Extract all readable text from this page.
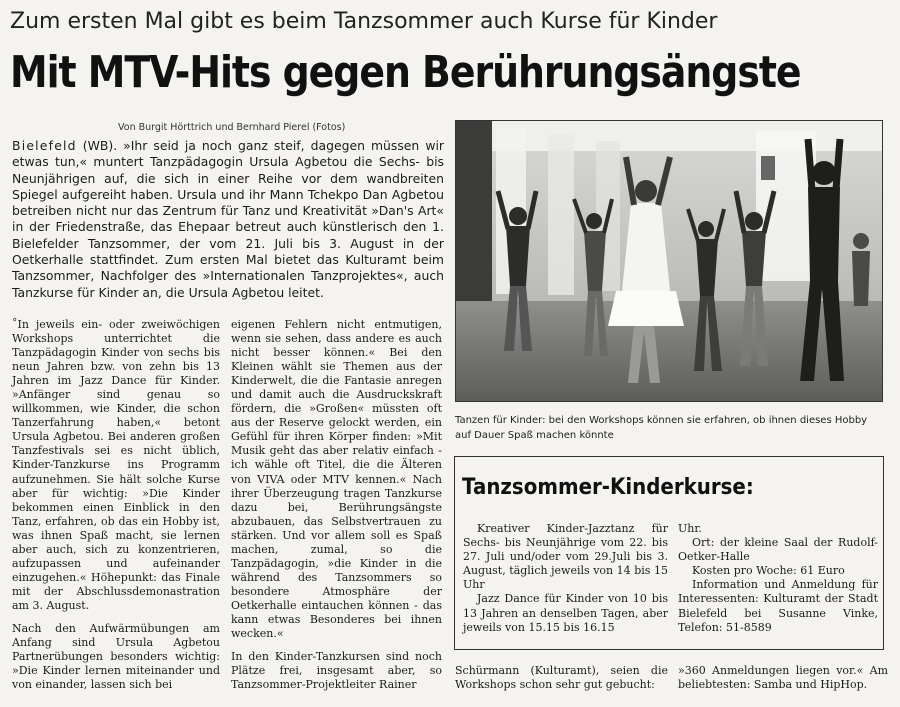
Zum ersten Mal gibt es beim Tanzsommer auch Kurse für Kinder
Mit MTV-Hits gegen Berührungsängste
Von Burgit Hörttrich und Bernhard Pierel (Fotos)
Bielefeld (WB). »Ihr seid ja noch ganz steif, dagegen müssen wir etwas tun,« muntert Tanzpädagogin Ursula Agbetou die Sechs- bis Neunjährigen auf, die sich in einer Reihe vor dem wandbreiten Spiegel aufgereiht haben. Ursula und ihr Mann Tchekpo Dan Agbetou betreiben nicht nur das Zentrum für Tanz und Kreativität »Dan's Art« in der Friedenstraße, das Ehepaar betreut auch künstlerisch den 1. Bielefelder Tanzsommer, der vom 21. Juli bis 3. August in der Oetkerhalle stattfindet. Zum ersten Mal bietet das Kulturamt beim Tanzsommer, Nachfolger des »Internationalen Tanzprojektes«, auch Tanzkurse für Kinder an, die Ursula Agbetou leitet.

˚In jeweils ein- oder zweiwöchigen Workshops unterrichtet die Tanzpädagogin Kinder von sechs bis neun Jahren bzw. von zehn bis 13 Jahren im Jazz Dance für Kinder. »Anfänger sind genau so willkommen, wie Kinder, die schon Tanzerfahrung haben,« betont Ursula Agbetou. Bei anderen großen Tanzfestivals sei es nicht üblich, Kinder-Tanzkurse ins Programm aufzunehmen. Sie hält solche Kurse aber für wichtig: »Die Kinder bekommen einen Einblick in den Tanz, erfahren, ob das ein Hobby ist, was ihnen Spaß macht, sie lernen aber auch, sich zu konzentrieren, aufzupassen und aufeinander einzugehen.« Höhepunkt: das Finale mit der Abschlussdemonastration am 3. August.

Nach den Aufwärmübungen am Anfang sind Ursula Agbetou Partnerübungen besonders wichtig: »Die Kinder lernen miteinander und von einander, lassen sich bei

eigenen Fehlern nicht entmutigen, wenn sie sehen, dass andere es auch nicht besser können.« Bei den Kleinen wählt sie Themen aus der Kinderwelt, die die Fantasie anregen und damit auch die Ausdruckskraft fördern, die »Großen« müssten oft aus der Reserve gelockt werden, ein Gefühl für ihren Körper finden: »Mit Musik geht das aber relativ einfach - ich wähle oft Titel, die die Älteren von VIVA oder MTV kennen.« Nach ihrer Überzeugung tragen Tanzkurse dazu bei, Berührungsängste abzubauen, das Selbstvertrauen zu stärken. Und vor allem soll es Spaß machen, zumal, so die Tanzpädagogin, »die Kinder in die während des Tanzsommers so besondere Atmosphäre der Oetkerhalle eintauchen können - das kann etwas Besonderes bei ihnen wecken.«

In den Kinder-Tanzkursen sind noch Plätze frei, insgesamt aber, so Tanzsommer-Projektleiter Rainer

Tanzen für Kinder: bei den Workshops können sie erfahren, ob ihnen dieses Hobby auf Dauer Spaß machen könnte
Tanzsommer-Kinderkurse:

Kreativer Kinder-Jazztanz für Sechs- bis Neunjährige vom 22. bis 27. Juli und/oder vom 29.Juli bis 3. August, täglich jeweils von 14 bis 15 Uhr

Jazz Dance für Kinder von 10 bis 13 Jahren an denselben Tagen, aber jeweils von 15.15 bis 16.15

Uhr.

Ort: der kleine Saal der Rudolf-Oetker-Halle

Kosten pro Woche: 61 Euro

Information und Anmeldung für Interessenten: Kulturamt der Stadt Bielefeld bei Susanne Vinke, Telefon: 51-8589

Schürmann (Kulturamt), seien die Workshops schon sehr gut gebucht:
»360 Anmeldungen liegen vor.« Am beliebtesten: Samba und HipHop.
